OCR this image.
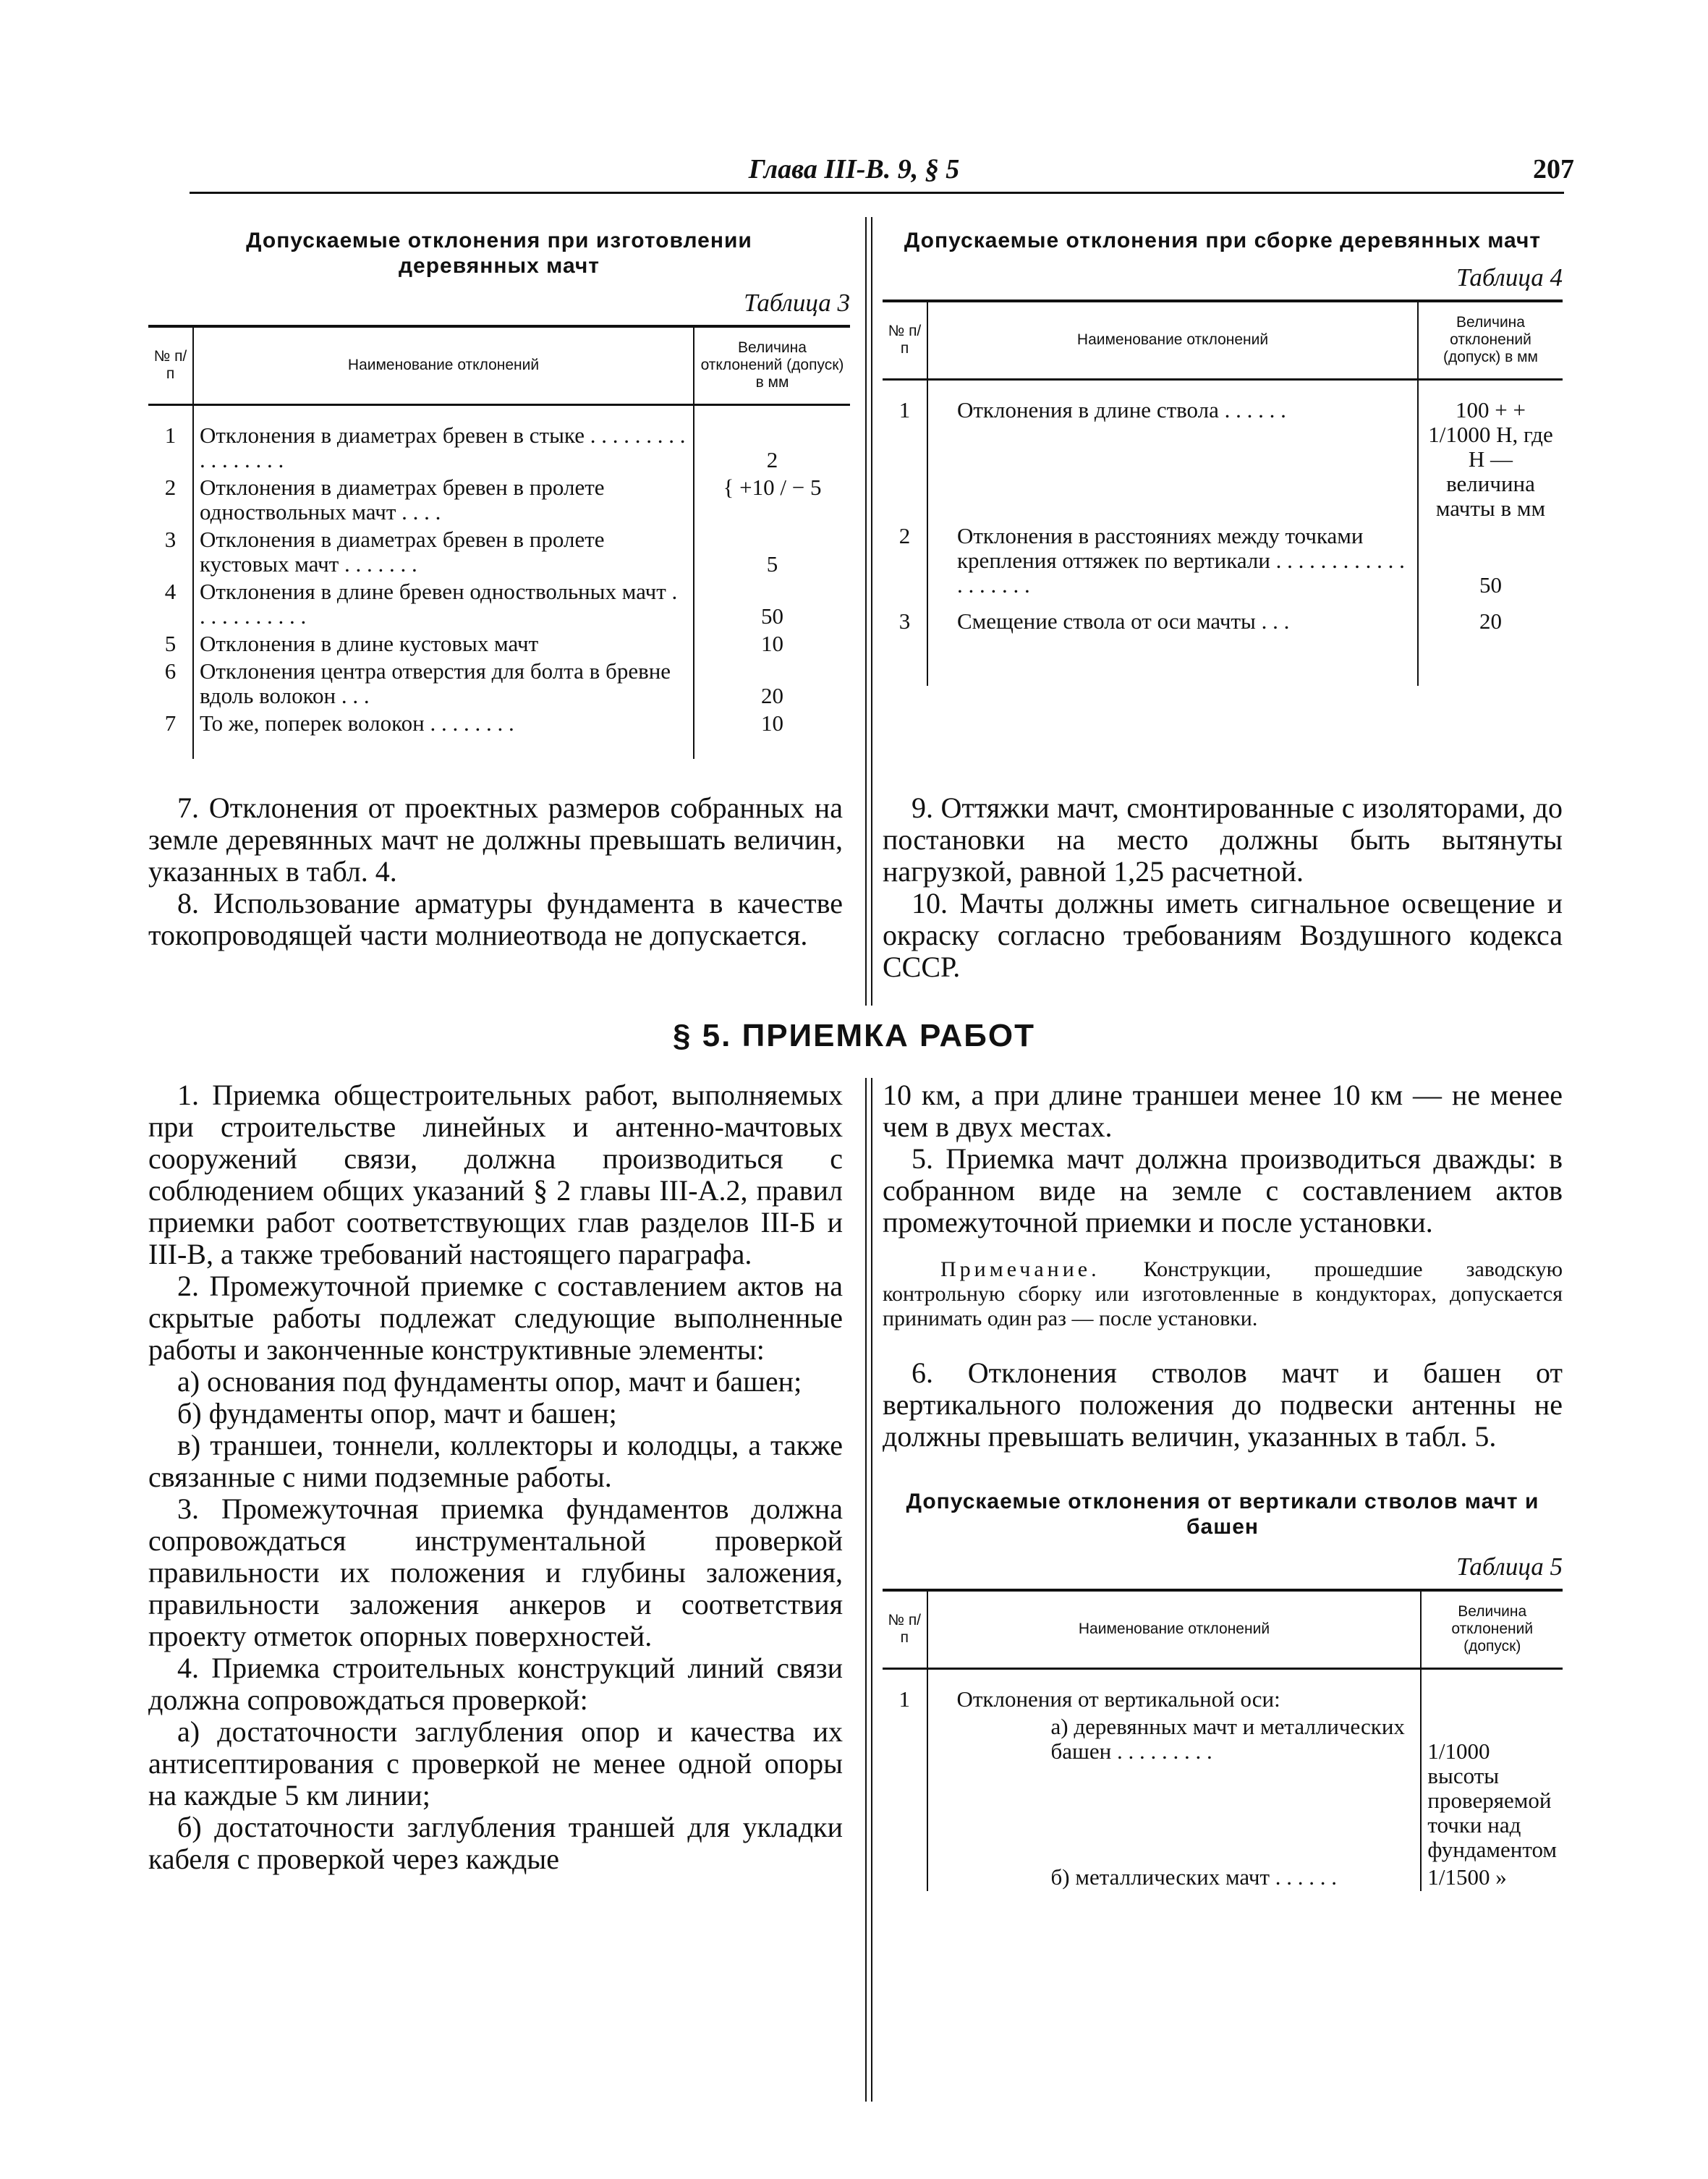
Глава III-В. 9, § 5	207
Допускаемые отклонения при изготовлении деревянных мачт
Таблица 3
№ п/п	Наименование отклонений	Величина отклонений (допуск) в мм

1	Отклонения в диаметрах бревен в стыке . . . . . . . . . . . . . . . . .	2
2	Отклонения в диаметрах бревен в пролете одноствольных мачт . . . .	{ +10 / − 5
3	Отклонения в диаметрах бревен в пролете кустовых мачт . . . . . . .	5
4	Отклонения в длине бревен одноствольных мачт . . . . . . . . . . .	50
5	Отклонения в длине кустовых мачт	10
6	Отклонения центра отверстия для болта в бревне вдоль волокон . . .	20
7	То же, поперек волокон . . . . . . . .	10

Допускаемые отклонения при сборке деревянных мачт
Таблица 4
№ п/п	Наименование отклонений	Величина отклонений (допуск) в мм

1	Отклонения в длине ствола . . . . . .	100 + + 1/1000 H, где H — величина мачты в мм
2	Отклонения в расстояниях между точками крепления оттяжек по вертикали . . . . . . . . . . . . . . . . . . .	50
3	Смещение ствола от оси мачты . . .	20

7. Отклонения от проектных размеров собранных на земле деревянных мачт не должны превышать величин, указанных в табл. 4.

8. Использование арматуры фундамента в качестве токопроводящей части молниеотвода не допускается.

9. Оттяжки мачт, смонтированные с изоляторами, до постановки на место должны быть вытянуты нагрузкой, равной 1,25 расчетной.

10. Мачты должны иметь сигнальное освещение и окраску согласно требованиям Воздушного кодекса СССР.

§ 5. ПРИЕМКА РАБОТ

1. Приемка общестроительных работ, выполняемых при строительстве линейных и антенно-мачтовых сооружений связи, должна производиться с соблюдением общих указаний § 2 главы III-А.2, правил приемки работ соответствующих глав разделов III-Б и III-В, а также требований настоящего параграфа.

2. Промежуточной приемке с составлением актов на скрытые работы подлежат следующие выполненные работы и законченные конструктивные элементы:

а) основания под фундаменты опор, мачт и башен;

б) фундаменты опор, мачт и башен;

в) траншеи, тоннели, коллекторы и колодцы, а также связанные с ними подземные работы.

3. Промежуточная приемка фундаментов должна сопровождаться инструментальной проверкой правильности их положения и глубины заложения, правильности заложения анкеров и соответствия проекту отметок опорных поверхностей.

4. Приемка строительных конструкций линий связи должна сопровождаться проверкой:

а) достаточности заглубления опор и качества их антисептирования с проверкой не менее одной опоры на каждые 5 км линии;

б) достаточности заглубления траншей для укладки кабеля с проверкой через каждые

10 км, а при длине траншеи менее 10 км — не менее чем в двух местах.

5. Приемка мачт должна производиться дважды: в собранном виде на земле с составлением актов промежуточной приемки и после установки.

Примечание. Конструкции, прошедшие заводскую контрольную сборку или изготовленные в кондукторах, допускается принимать один раз — после установки.

6. Отклонения стволов мачт и башен от вертикального положения до подвески антенны не должны превышать величин, указанных в табл. 5.

Допускаемые отклонения от вертикали стволов мачт и башен
Таблица 5
№ п/п	Наименование отклонений	Величина отклонений (допуск)

1	Отклонения от вертикальной оси:	
	а) деревянных мачт и металлических башен . . . . . . . . .	1/1000 высоты проверяемой точки над фундаментом
	б) металлических мачт . . . . . .	1/1500 »
